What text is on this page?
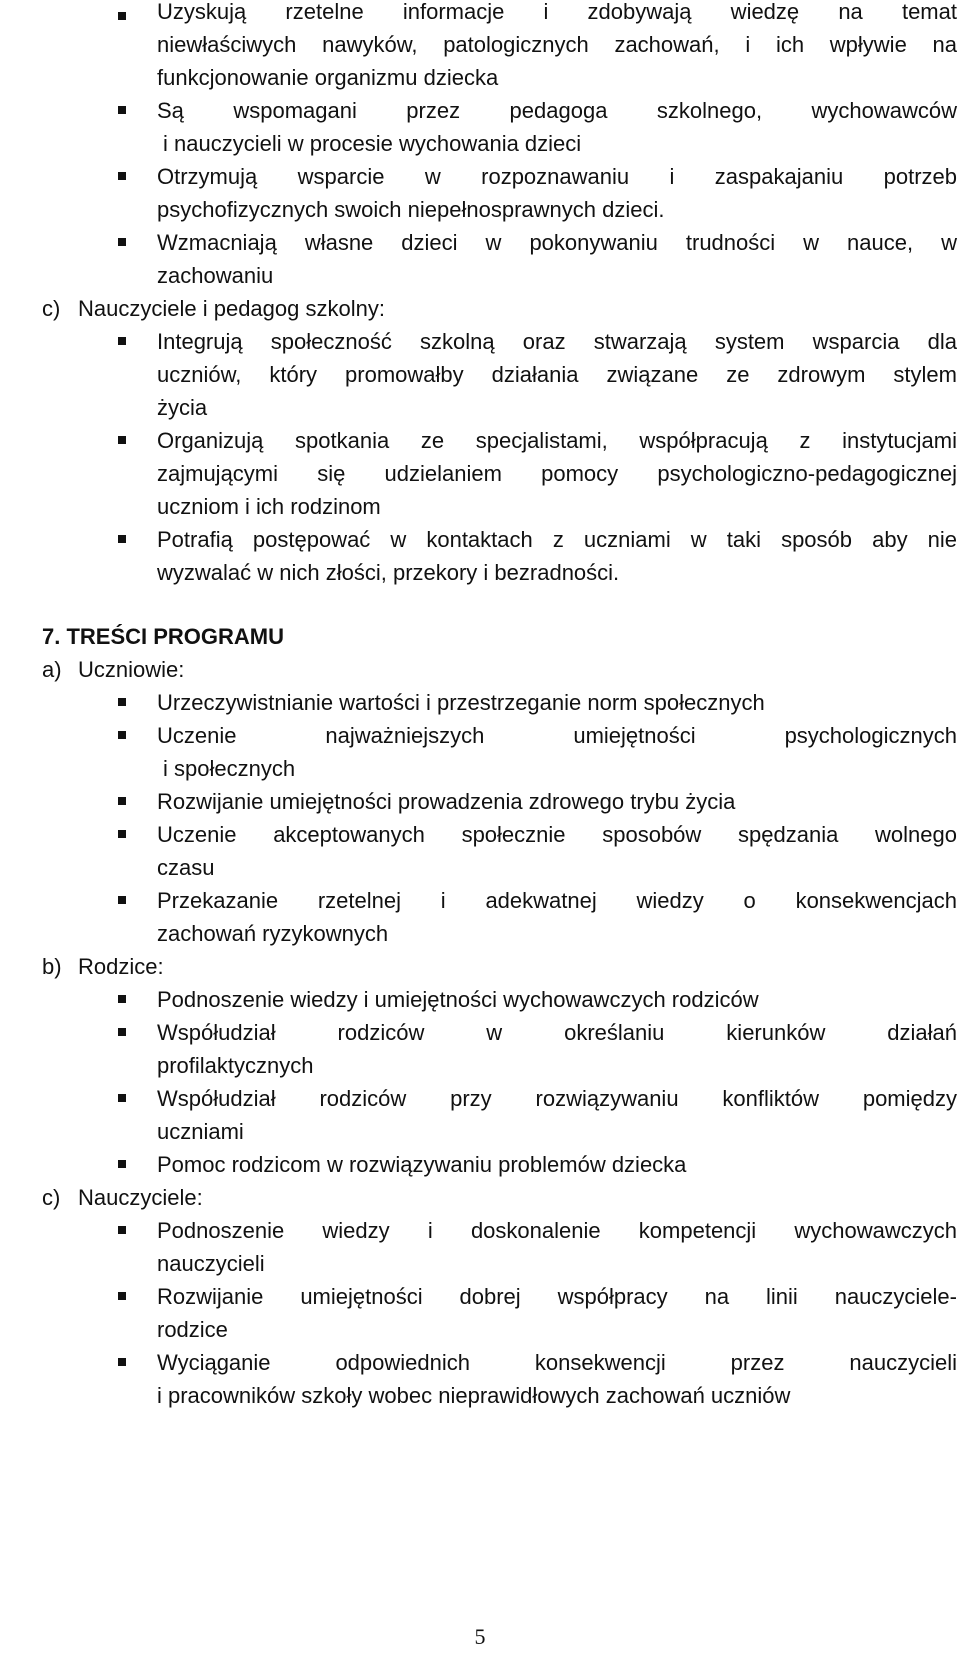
Uzyskują rzetelne informacje i zdobywają wiedzę na temat
niewłaściwych nawyków, patologicznych zachowań, i ich wpływie na
funkcjonowanie organizmu dziecka
Są wspomagani przez pedagoga szkolnego, wychowawców
i nauczycieli w procesie wychowania dzieci
Otrzymują wsparcie w rozpoznawaniu i zaspakajaniu potrzeb
psychofizycznych swoich niepełnosprawnych dzieci.
Wzmacniają własne dzieci w pokonywaniu trudności w nauce, w
zachowaniu
c) Nauczyciele i pedagog szkolny:
Integrują społeczność szkolną oraz stwarzają system wsparcia dla
uczniów, który promowałby działania związane ze zdrowym stylem
życia
Organizują spotkania ze specjalistami, współpracują z instytucjami
zajmującymi się udzielaniem pomocy psychologiczno-pedagogicznej
uczniom i ich rodzinom
Potrafią postępować w kontaktach z uczniami w taki sposób aby nie
wyzwalać w nich złości, przekory i bezradności.
7. TREŚCI PROGRAMU
a) Uczniowie:
Urzeczywistnianie wartości i przestrzeganie norm społecznych
Uczenie najważniejszych umiejętności psychologicznych
i społecznych
Rozwijanie umiejętności prowadzenia zdrowego trybu życia
Uczenie akceptowanych społecznie sposobów spędzania wolnego
czasu
Przekazanie rzetelnej i adekwatnej wiedzy o konsekwencjach
zachowań ryzykownych
b) Rodzice:
Podnoszenie wiedzy i umiejętności wychowawczych rodziców
Współudział rodziców w określaniu kierunków działań
profilaktycznych
Współudział rodziców przy rozwiązywaniu konfliktów pomiędzy
uczniami
Pomoc rodzicom w rozwiązywaniu problemów dziecka
c) Nauczyciele:
Podnoszenie wiedzy i doskonalenie kompetencji wychowawczych
nauczycieli
Rozwijanie umiejętności dobrej współpracy na linii nauczyciele-
rodzice
Wyciąganie odpowiednich konsekwencji przez nauczycieli
i pracowników szkoły wobec nieprawidłowych zachowań uczniów
5
